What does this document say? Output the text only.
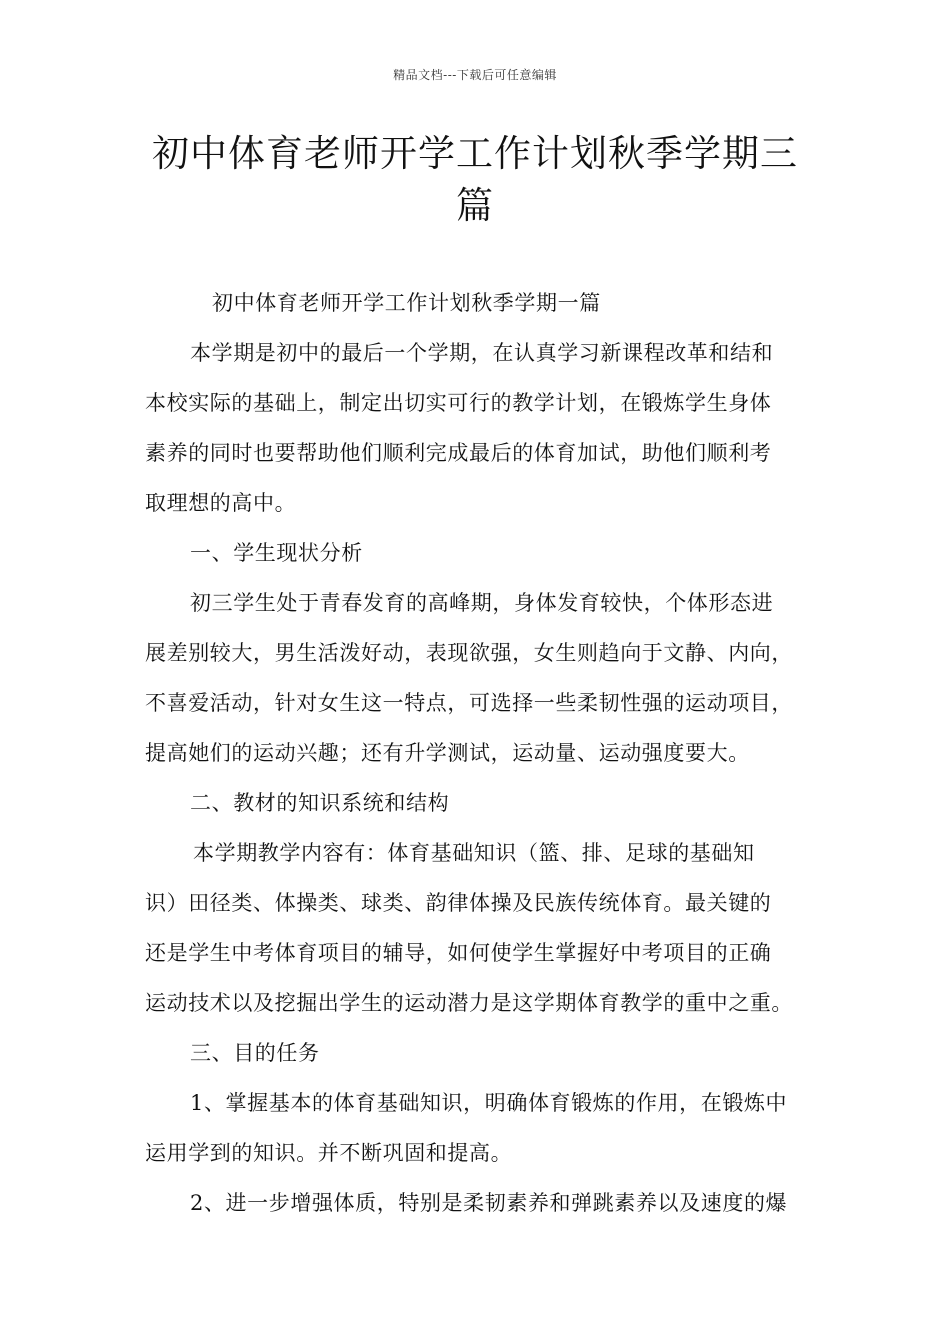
精品文档---下载后可任意编辑
初中体育老师开学工作计划秋季学期三
篇
初中体育老师开学工作计划秋季学期一篇
本学期是初中的最后一个学期，在认真学习新课程改革和结和
本校实际的基础上，制定出切实可行的教学计划，在锻炼学生身体
素养的同时也要帮助他们顺利完成最后的体育加试，助他们顺利考
取理想的高中。
一、学生现状分析
初三学生处于青春发育的高峰期，身体发育较快，个体形态进
展差别较大，男生活泼好动，表现欲强，女生则趋向于文静、内向，
不喜爱活动，针对女生这一特点，可选择一些柔韧性强的运动项目，
提高她们的运动兴趣；还有升学测试，运动量、运动强度要大。
二、教材的知识系统和结构
本学期教学内容有：体育基础知识（篮、排、足球的基础知
识）田径类、体操类、球类、韵律体操及民族传统体育。最关键的
还是学生中考体育项目的辅导，如何使学生掌握好中考项目的正确
运动技术以及挖掘出学生的运动潜力是这学期体育教学的重中之重。
三、目的任务
1、掌握基本的体育基础知识，明确体育锻炼的作用，在锻炼中
运用学到的知识。并不断巩固和提高。
2、进一步增强体质，特别是柔韧素养和弹跳素养以及速度的爆
